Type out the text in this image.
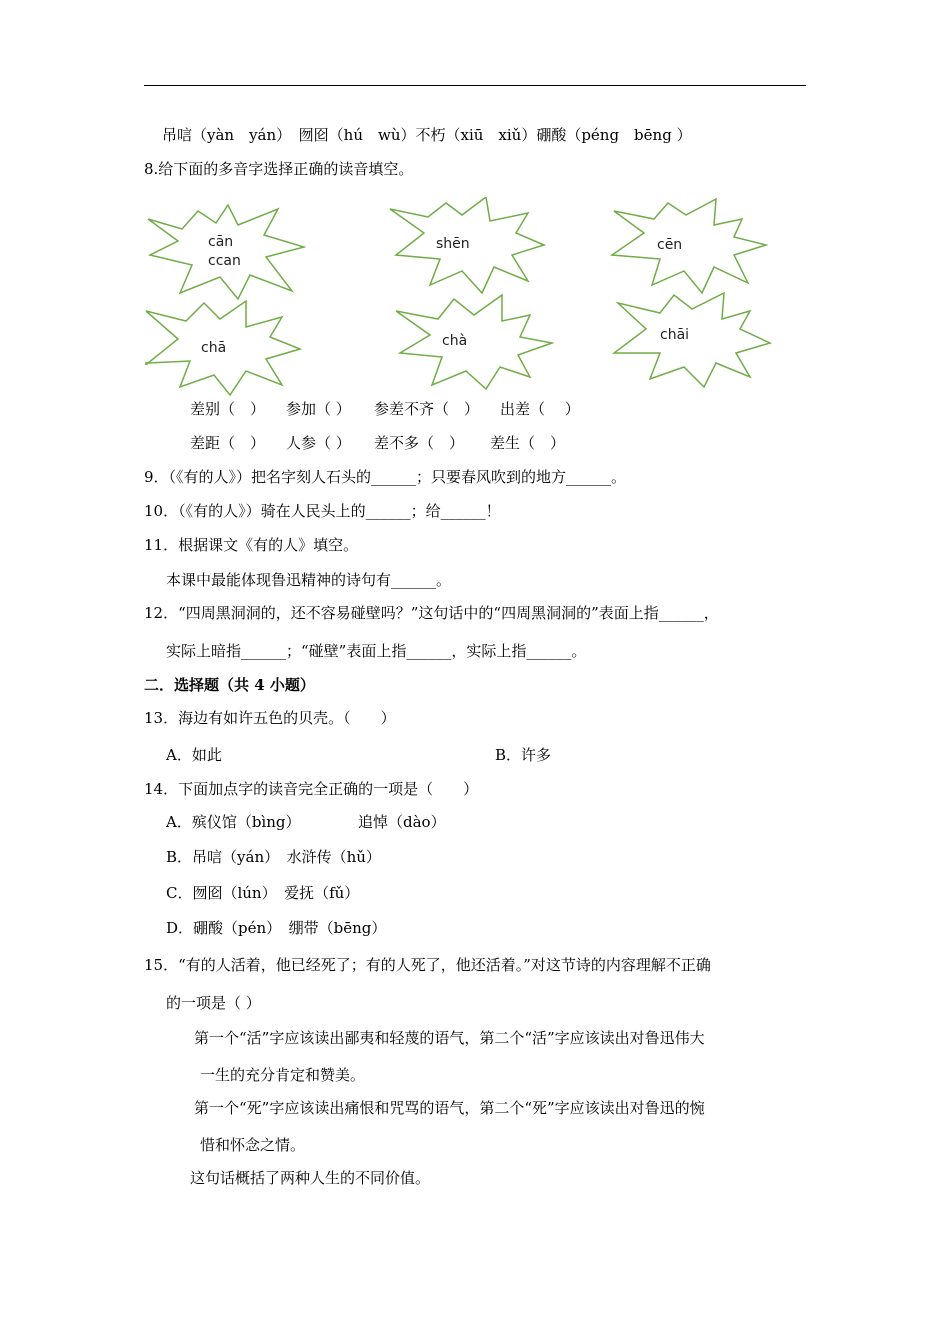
吊唁（yàn　yán）　囫囵（hú　wù）不朽（xiū　xiǔ）硼酸（péng　bēng ）
8.给下面的多音字选择正确的读音填空。
cān
ccan
shēn	cēn
chā	chà	chāi
差别（　） 参加（ ） 参差不齐（　） 出差（　 ）
差距（　） 人参（ ） 差不多（　） 差生（　）
9．（《有的人》）把名字刻人石头的______；只要春风吹到的地方______。
10．（《有的人》）骑在人民头上的______；给______！
11．根据课文《有的人》填空。
本课中最能体现鲁迅精神的诗句有______。
12．“四周黑洞洞的，还不容易碰壁吗？”这句话中的“四周黑洞洞的”表面上指______，
实际上暗指______；“碰壁”表面上指______，实际上指______。
二．选择题（共 4 小题）
13．海边有如许五色的贝壳。（　　）
A．如此	B．许多
14．下面加点字的读音完全正确的一项是（　　）
A．殡仪馆（bìng）	追悼（dào）
B．吊唁（yán）　水浒传（hǔ）
C．囫囵（lún）　爱抚（fǔ）
D．硼酸（pén）　绷带（bēng）
15．“有的人活着，他已经死了；有的人死了，他还活着。”对这节诗的内容理解不正确
的一项是（ ）
第一个“活”字应该读出鄙夷和轻蔑的语气，第二个“活”字应该读出对鲁迅伟大
一生的充分肯定和赞美。
第一个“死”字应该读出痛恨和咒骂的语气，第二个“死”字应该读出对鲁迅的惋
惜和怀念之情。
这句话概括了两种人生的不同价值。
